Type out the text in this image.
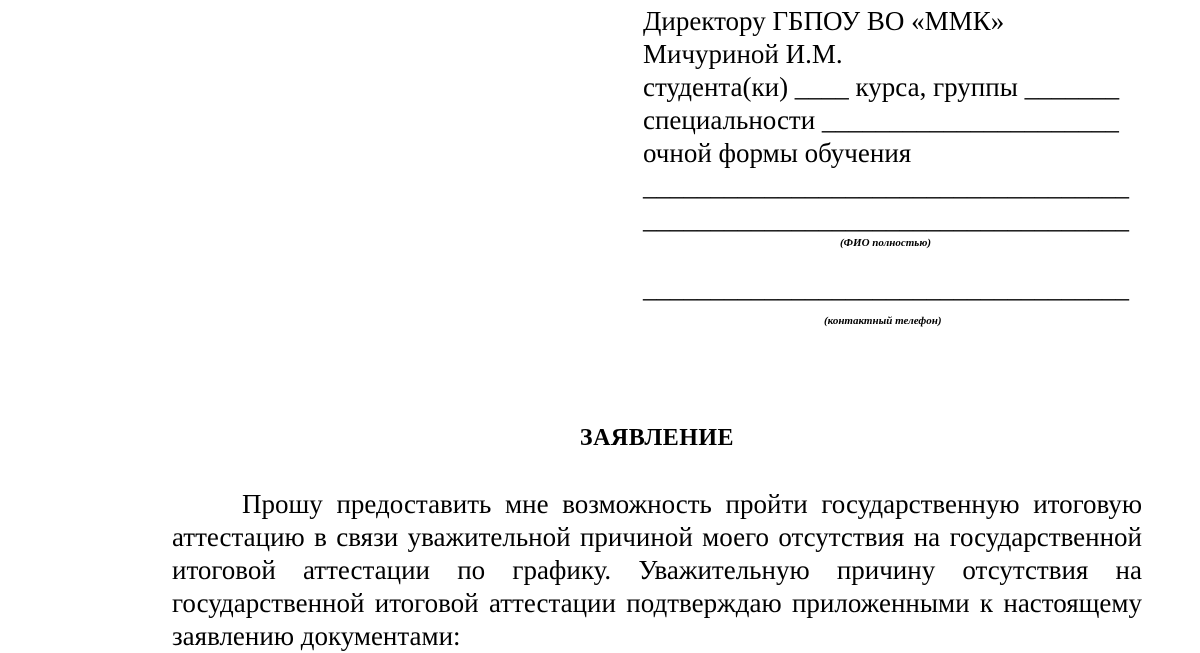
Директору ГБПОУ ВО «ММК»
Мичуриной И.М.
студента(ки) ____ курса, группы _______
специальности ______________________
очной формы обучения
____________________________________
____________________________________
(ФИО полностью)
____________________________________
(контактный телефон)
ЗАЯВЛЕНИЕ
Прошу предоставить мне возможность пройти государственную итоговую аттестацию в связи уважительной причиной моего отсутствия на государственной итоговой аттестации по графику. Уважительную причину отсутствия на государственной итоговой аттестации подтверждаю приложенными к настоящему заявлению документами:
